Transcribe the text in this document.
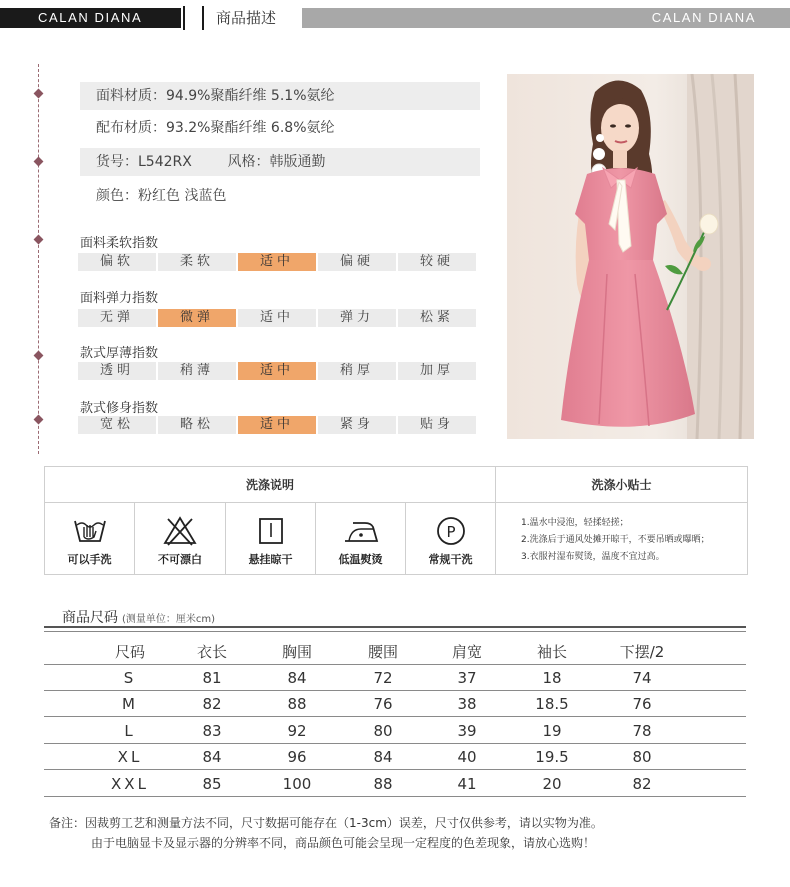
CALAN DIANA	商品描述	CALAN DIANA
面料材质：94.9%聚酯纤维 5.1%氨纶
配布材质：93.2%聚酯纤维 6.8%氨纶
货号：L542RX        风格：韩版通勤
颜色：粉红色 浅蓝色
面料柔软指数
偏软	柔软	适中	偏硬	较硬
面料弹力指数
无弹	微弹	适中	弹力	松紧
款式厚薄指数
透明	稍薄	适中	稍厚	加厚
款式修身指数
宽松	略松	适中	紧身	贴身
洗涤说明	洗涤小贴士
可以手洗	不可漂白	悬挂晾干	低温熨烫
P
常规干洗
1.温水中浸泡，轻揉轻搓；
2.洗涤后于通风处摊开晾干，不要吊晒或曝晒；
3.衣服衬湿布熨烫，温度不宜过高。
商品尺码 (测量单位：厘米cm)
尺码	衣长	胸围	腰围	肩宽	袖长	下摆/2
S	81	84	72	37	18	74
M	82	88	76	38	18.5	76
L	83	92	80	39	19	78
XL	84	96	84	40	19.5	80
XXL	85	100	88	41	20	82
备注：因裁剪工艺和测量方法不同，尺寸数据可能存在（1-3cm）误差，尺寸仅供参考，请以实物为准。
由于电脑显卡及显示器的分辨率不同，商品颜色可能会呈现一定程度的色差现象，请放心选购！
